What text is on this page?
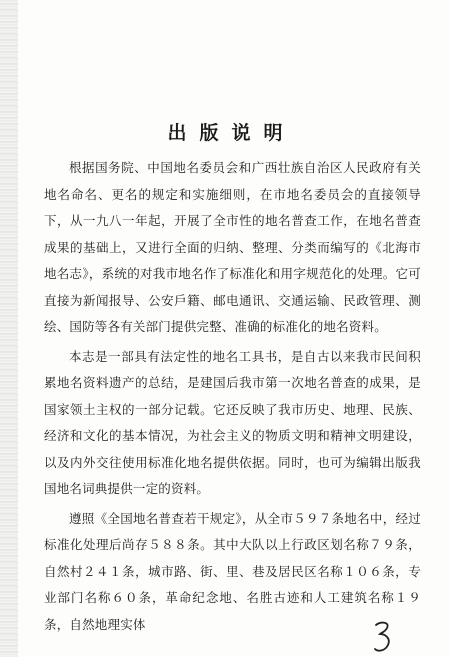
出版说明

根据国务院、中国地名委员会和广西壮族自治区人民政府有关地名命名、更名的规定和实施细则，在市地名委员会的直接领导下，从一九八一年起，开展了全市性的地名普查工作，在地名普查成果的基础上，又进行全面的归纳、整理、分类而编写的《北海市地名志》，系统的对我市地名作了标准化和用字规范化的处理。它可直接为新闻报导、公安戶籍、邮电通讯、交通运输、民政管理、测绘、国防等各有关部门提供完整、准确的标准化的地名资料。

本志是一部具有法定性的地名工具书，是自古以来我市民间积累地名资料遗产的总结，是建国后我市第一次地名普查的成果，是国家领土主权的一部分记载。它还反映了我市历史、地理、民族、经济和文化的基本情况，为社会主义的物质文明和精神文明建设，以及内外交往使用标准化地名提供依据。同时，也可为编辑出版我国地名词典提供一定的资料。

遵照《全国地名普查若干规定》，从全市５９７条地名中，经过标准化处理后尚存５８８条。其中大队以上行政区划名称７９条，自然村２４１条，城市路、街、里、巷及居民区名称１０６条，专业部门名称６０条，革命纪念地、名胜古迹和人工建筑名称１９条，自然地理实体
